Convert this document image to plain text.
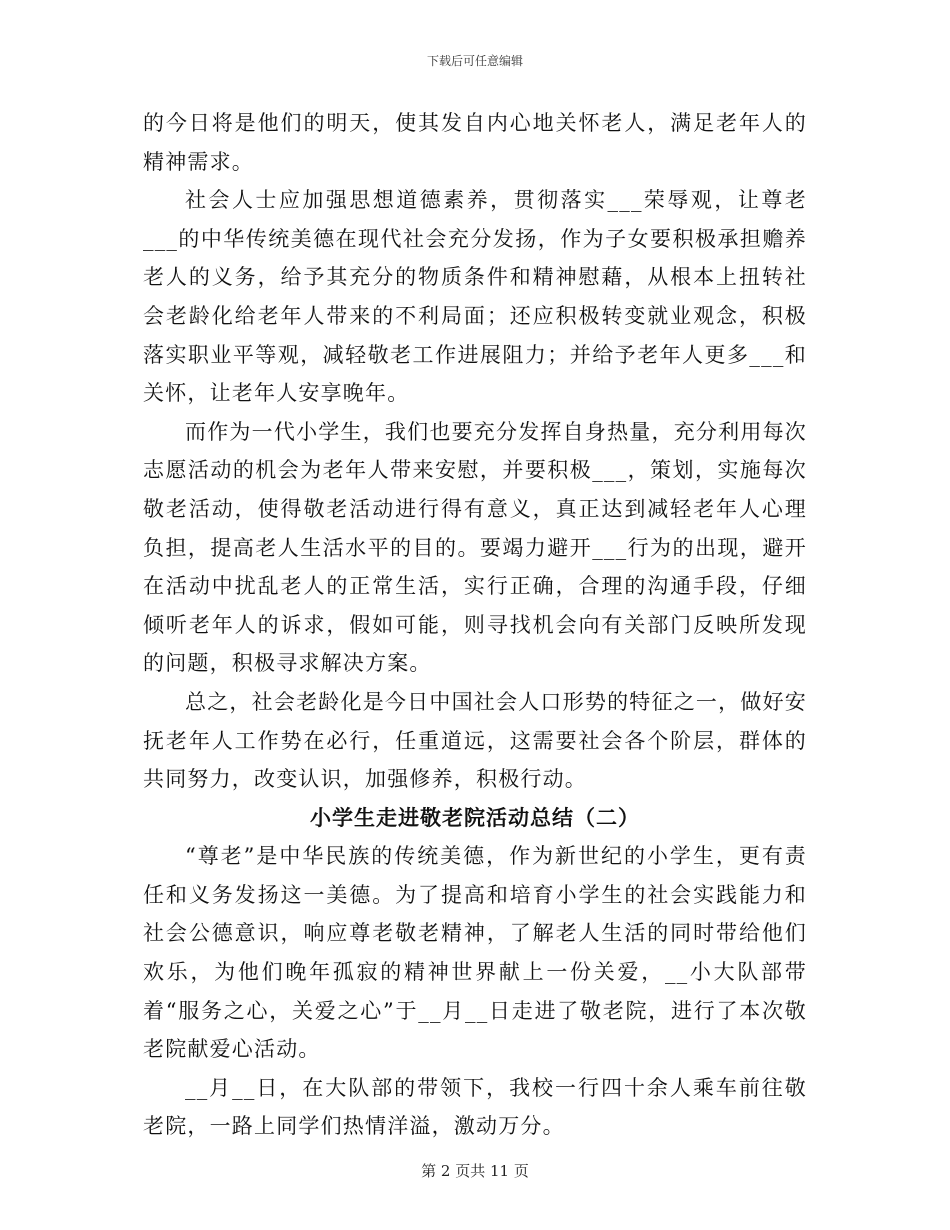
下载后可任意编辑

的今日将是他们的明天，使其发自内心地关怀老人，满足老年人的精神需求。

社会人士应加强思想道德素养，贯彻落实___荣辱观，让尊老___的中华传统美德在现代社会充分发扬，作为子女要积极承担赡养老人的义务，给予其充分的物质条件和精神慰藉，从根本上扭转社会老龄化给老年人带来的不利局面；还应积极转变就业观念，积极落实职业平等观，减轻敬老工作进展阻力；并给予老年人更多___和关怀，让老年人安享晚年。

而作为一代小学生，我们也要充分发挥自身热量，充分利用每次志愿活动的机会为老年人带来安慰，并要积极___，策划，实施每次敬老活动，使得敬老活动进行得有意义，真正达到减轻老年人心理负担，提高老人生活水平的目的。要竭力避开___行为的出现，避开在活动中扰乱老人的正常生活，实行正确，合理的沟通手段，仔细倾听老年人的诉求，假如可能，则寻找机会向有关部门反映所发现的问题，积极寻求解决方案。

总之，社会老龄化是今日中国社会人口形势的特征之一，做好安抚老年人工作势在必行，任重道远，这需要社会各个阶层，群体的共同努力，改变认识，加强修养，积极行动。

小学生走进敬老院活动总结（二）

“尊老”是中华民族的传统美德，作为新世纪的小学生，更有责任和义务发扬这一美德。为了提高和培育小学生的社会实践能力和社会公德意识，响应尊老敬老精神，了解老人生活的同时带给他们欢乐，为他们晚年孤寂的精神世界献上一份关爱，__小大队部带着“服务之心，关爱之心”于__月__日走进了敬老院，进行了本次敬老院献爱心活动。

__月__日，在大队部的带领下，我校一行四十余人乘车前往敬老院，一路上同学们热情洋溢，激动万分。

第 2 页共 11 页
